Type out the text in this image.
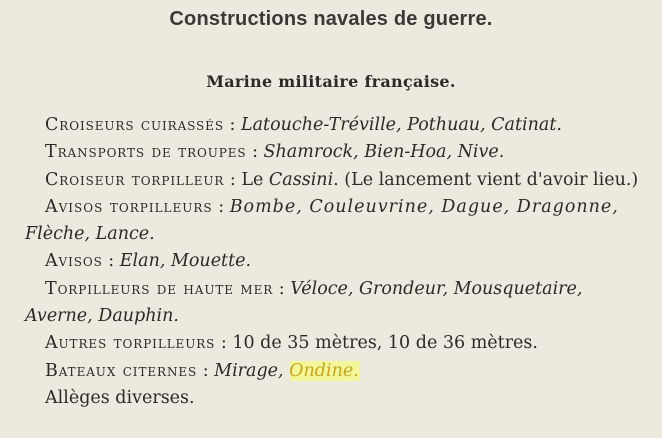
Constructions navales de guerre.
Marine militaire française.
Croiseurs cuirassés : Latouche-Tréville, Pothuau, Catinat.
Transports de troupes : Shamrock, Bien-Hoa, Nive.
Croiseur torpilleur : Le Cassini. (Le lancement vient d'avoir lieu.)
Avisos torpilleurs : Bombe, Couleuvrine, Dague, Dragonne,
Flèche, Lance.
Avisos : Elan, Mouette.
Torpilleurs de haute mer : Véloce, Grondeur, Mousquetaire,
Averne, Dauphin.
Autres torpilleurs : 10 de 35 mètres, 10 de 36 mètres.
Bateaux citernes : Mirage, Ondine.
Allèges diverses.
